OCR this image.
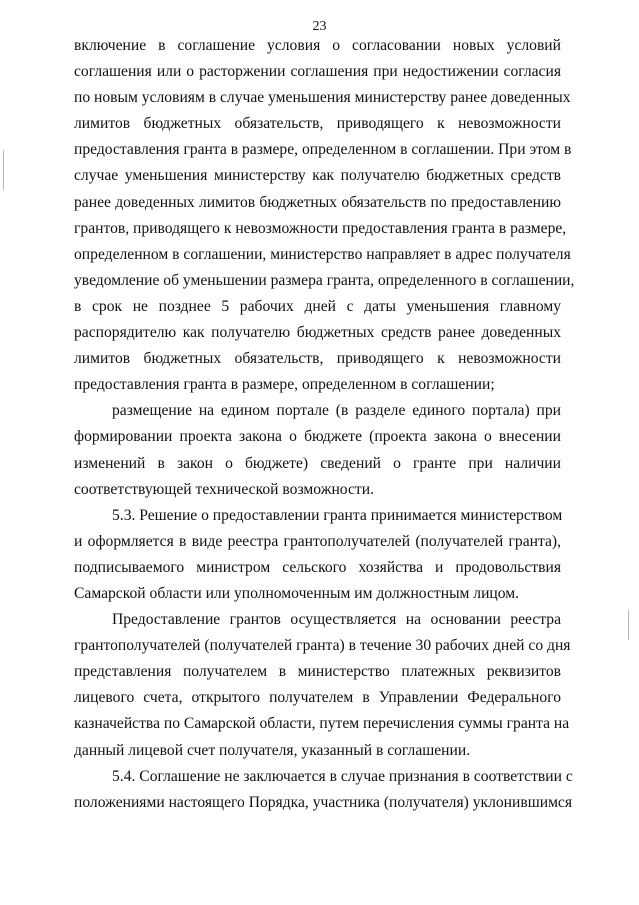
23
включение в соглашение условия о согласовании новых условий
соглашения или о расторжении соглашения при недостижении согласия
по новым условиям в случае уменьшения министерству ранее доведенных
лимитов бюджетных обязательств, приводящего к невозможности
предоставления гранта в размере, определенном в соглашении. При этом в
случае уменьшения министерству как получателю бюджетных средств
ранее доведенных лимитов бюджетных обязательств по предоставлению
грантов, приводящего к невозможности предоставления гранта в размере,
определенном в соглашении, министерство направляет в адрес получателя
уведомление об уменьшении размера гранта, определенного в соглашении,
в срок не позднее 5 рабочих дней с даты уменьшения главному
распорядителю как получателю бюджетных средств ранее доведенных
лимитов бюджетных обязательств, приводящего к невозможности
предоставления гранта в размере, определенном в соглашении;
размещение на едином портале (в разделе единого портала) при
формировании проекта закона о бюджете (проекта закона о внесении
изменений в закон о бюджете) сведений о гранте при наличии
соответствующей технической возможности.
5.3. Решение о предоставлении гранта принимается министерством
и оформляется в виде реестра грантополучателей (получателей гранта),
подписываемого министром сельского хозяйства и продовольствия
Самарской области или уполномоченным им должностным лицом.
Предоставление грантов осуществляется на основании реестра
грантополучателей (получателей гранта) в течение 30 рабочих дней со дня
представления получателем в министерство платежных реквизитов
лицевого счета, открытого получателем в Управлении Федерального
казначейства по Самарской области, путем перечисления суммы гранта на
данный лицевой счет получателя, указанный в соглашении.
5.4. Соглашение не заключается в случае признания в соответствии с
положениями настоящего Порядка, участника (получателя) уклонившимся
